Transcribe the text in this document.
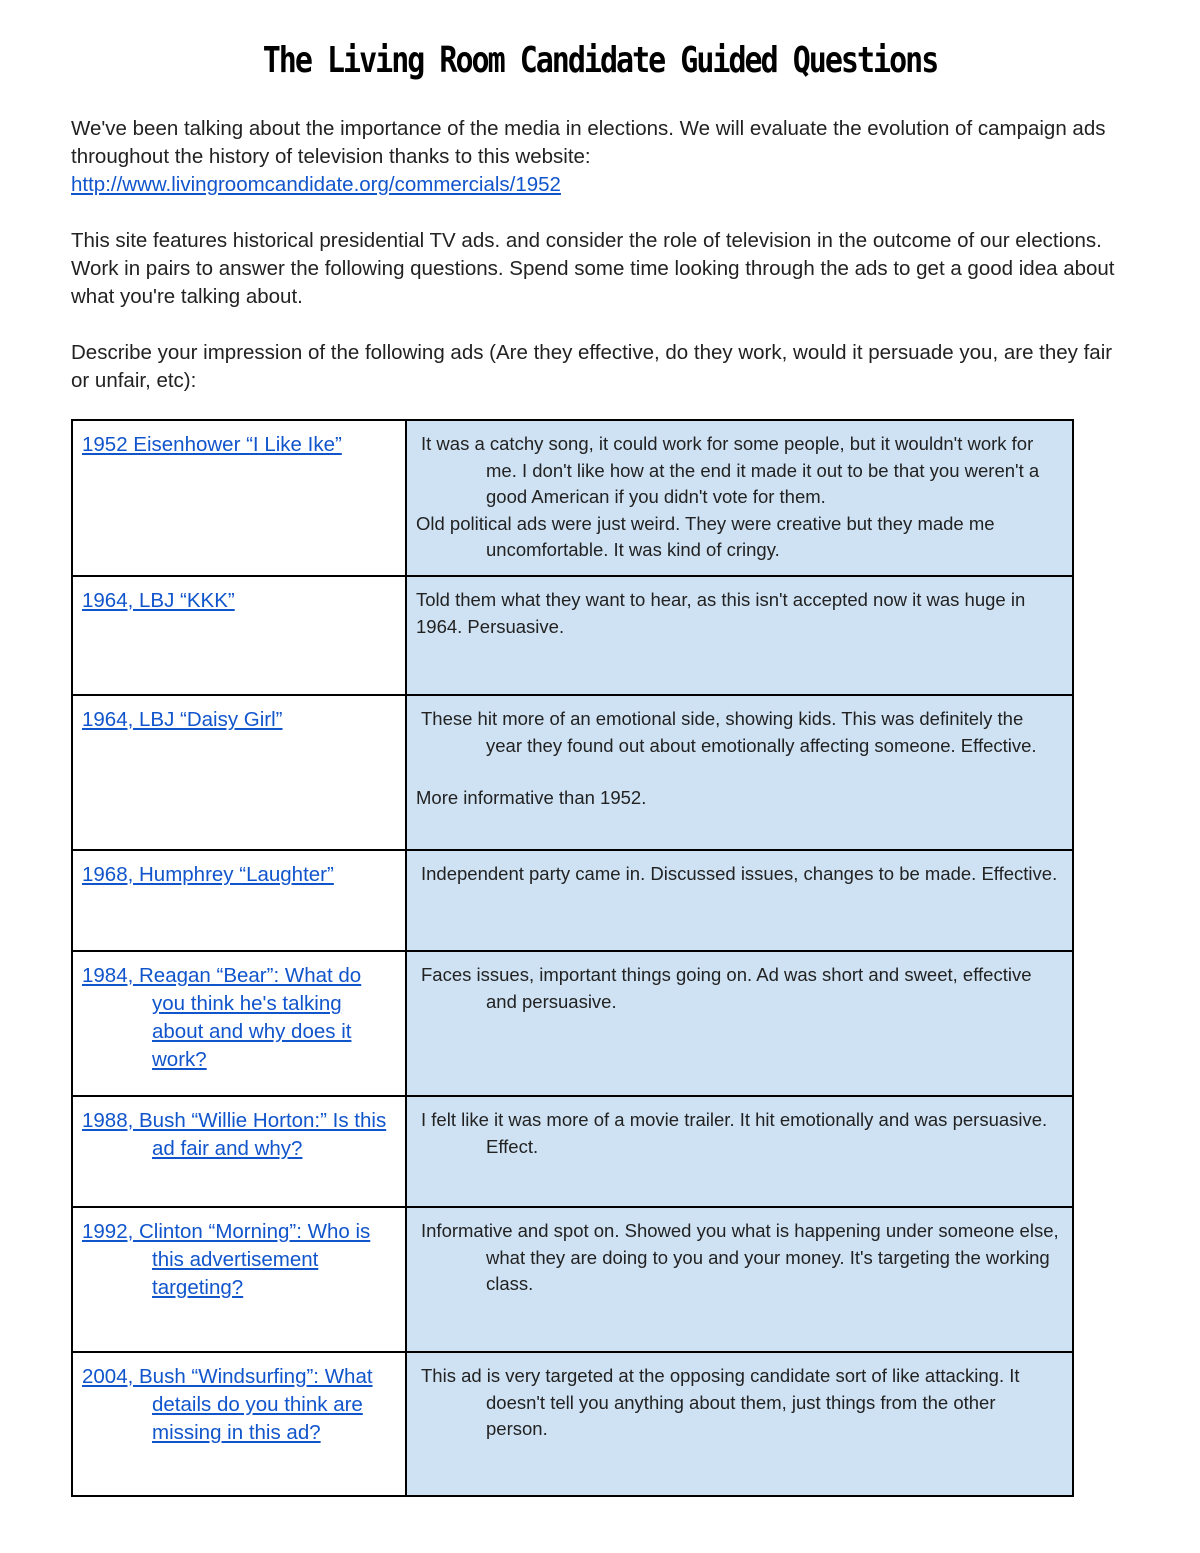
The Living Room Candidate Guided Questions

We've been talking about the importance of the media in elections. We will evaluate the evolution of campaign ads throughout the history of television thanks to this website:
http://www.livingroomcandidate.org/commercials/1952

This site features historical presidential TV ads. and consider the role of television in the outcome of our elections. Work in pairs to answer the following questions. Spend some time looking through the ads to get a good idea about what you're talking about.

Describe your impression of the following ads (Are they effective, do they work, would it persuade you, are they fair or unfair, etc):

1952 Eisenhower “I Like Ike”	It was a catchy song, it could work for some people, but it wouldn't work for me. I don't like how at the end it made it out to be that you weren't a good American if you didn't vote for them.
Old political ads were just weird. They were creative but they made me uncomfortable. It was kind of cringy.

1964, LBJ “KKK”	Told them what they want to hear, as this isn't accepted now it was huge in 1964. Persuasive.

1964, LBJ “Daisy Girl”	These hit more of an emotional side, showing kids. This was definitely the year they found out about emotionally affecting someone. Effective.
More informative than 1952.

1968, Humphrey “Laughter”	Independent party came in. Discussed issues, changes to be made. Effective.

1984, Reagan “Bear”: What do you think he's talking about and why does it work?	Faces issues, important things going on. Ad was short and sweet, effective and persuasive.

1988, Bush “Willie Horton:” Is this ad fair and why?	I felt like it was more of a movie trailer. It hit emotionally and was persuasive. Effect.

1992, Clinton “Morning”: Who is this advertisement targeting?	Informative and spot on. Showed you what is happening under someone else, what they are doing to you and your money. It's targeting the working class.

2004, Bush “Windsurfing”: What details do you think are missing in this ad?	This ad is very targeted at the opposing candidate sort of like attacking. It doesn't tell you anything about them, just things from the other person.
